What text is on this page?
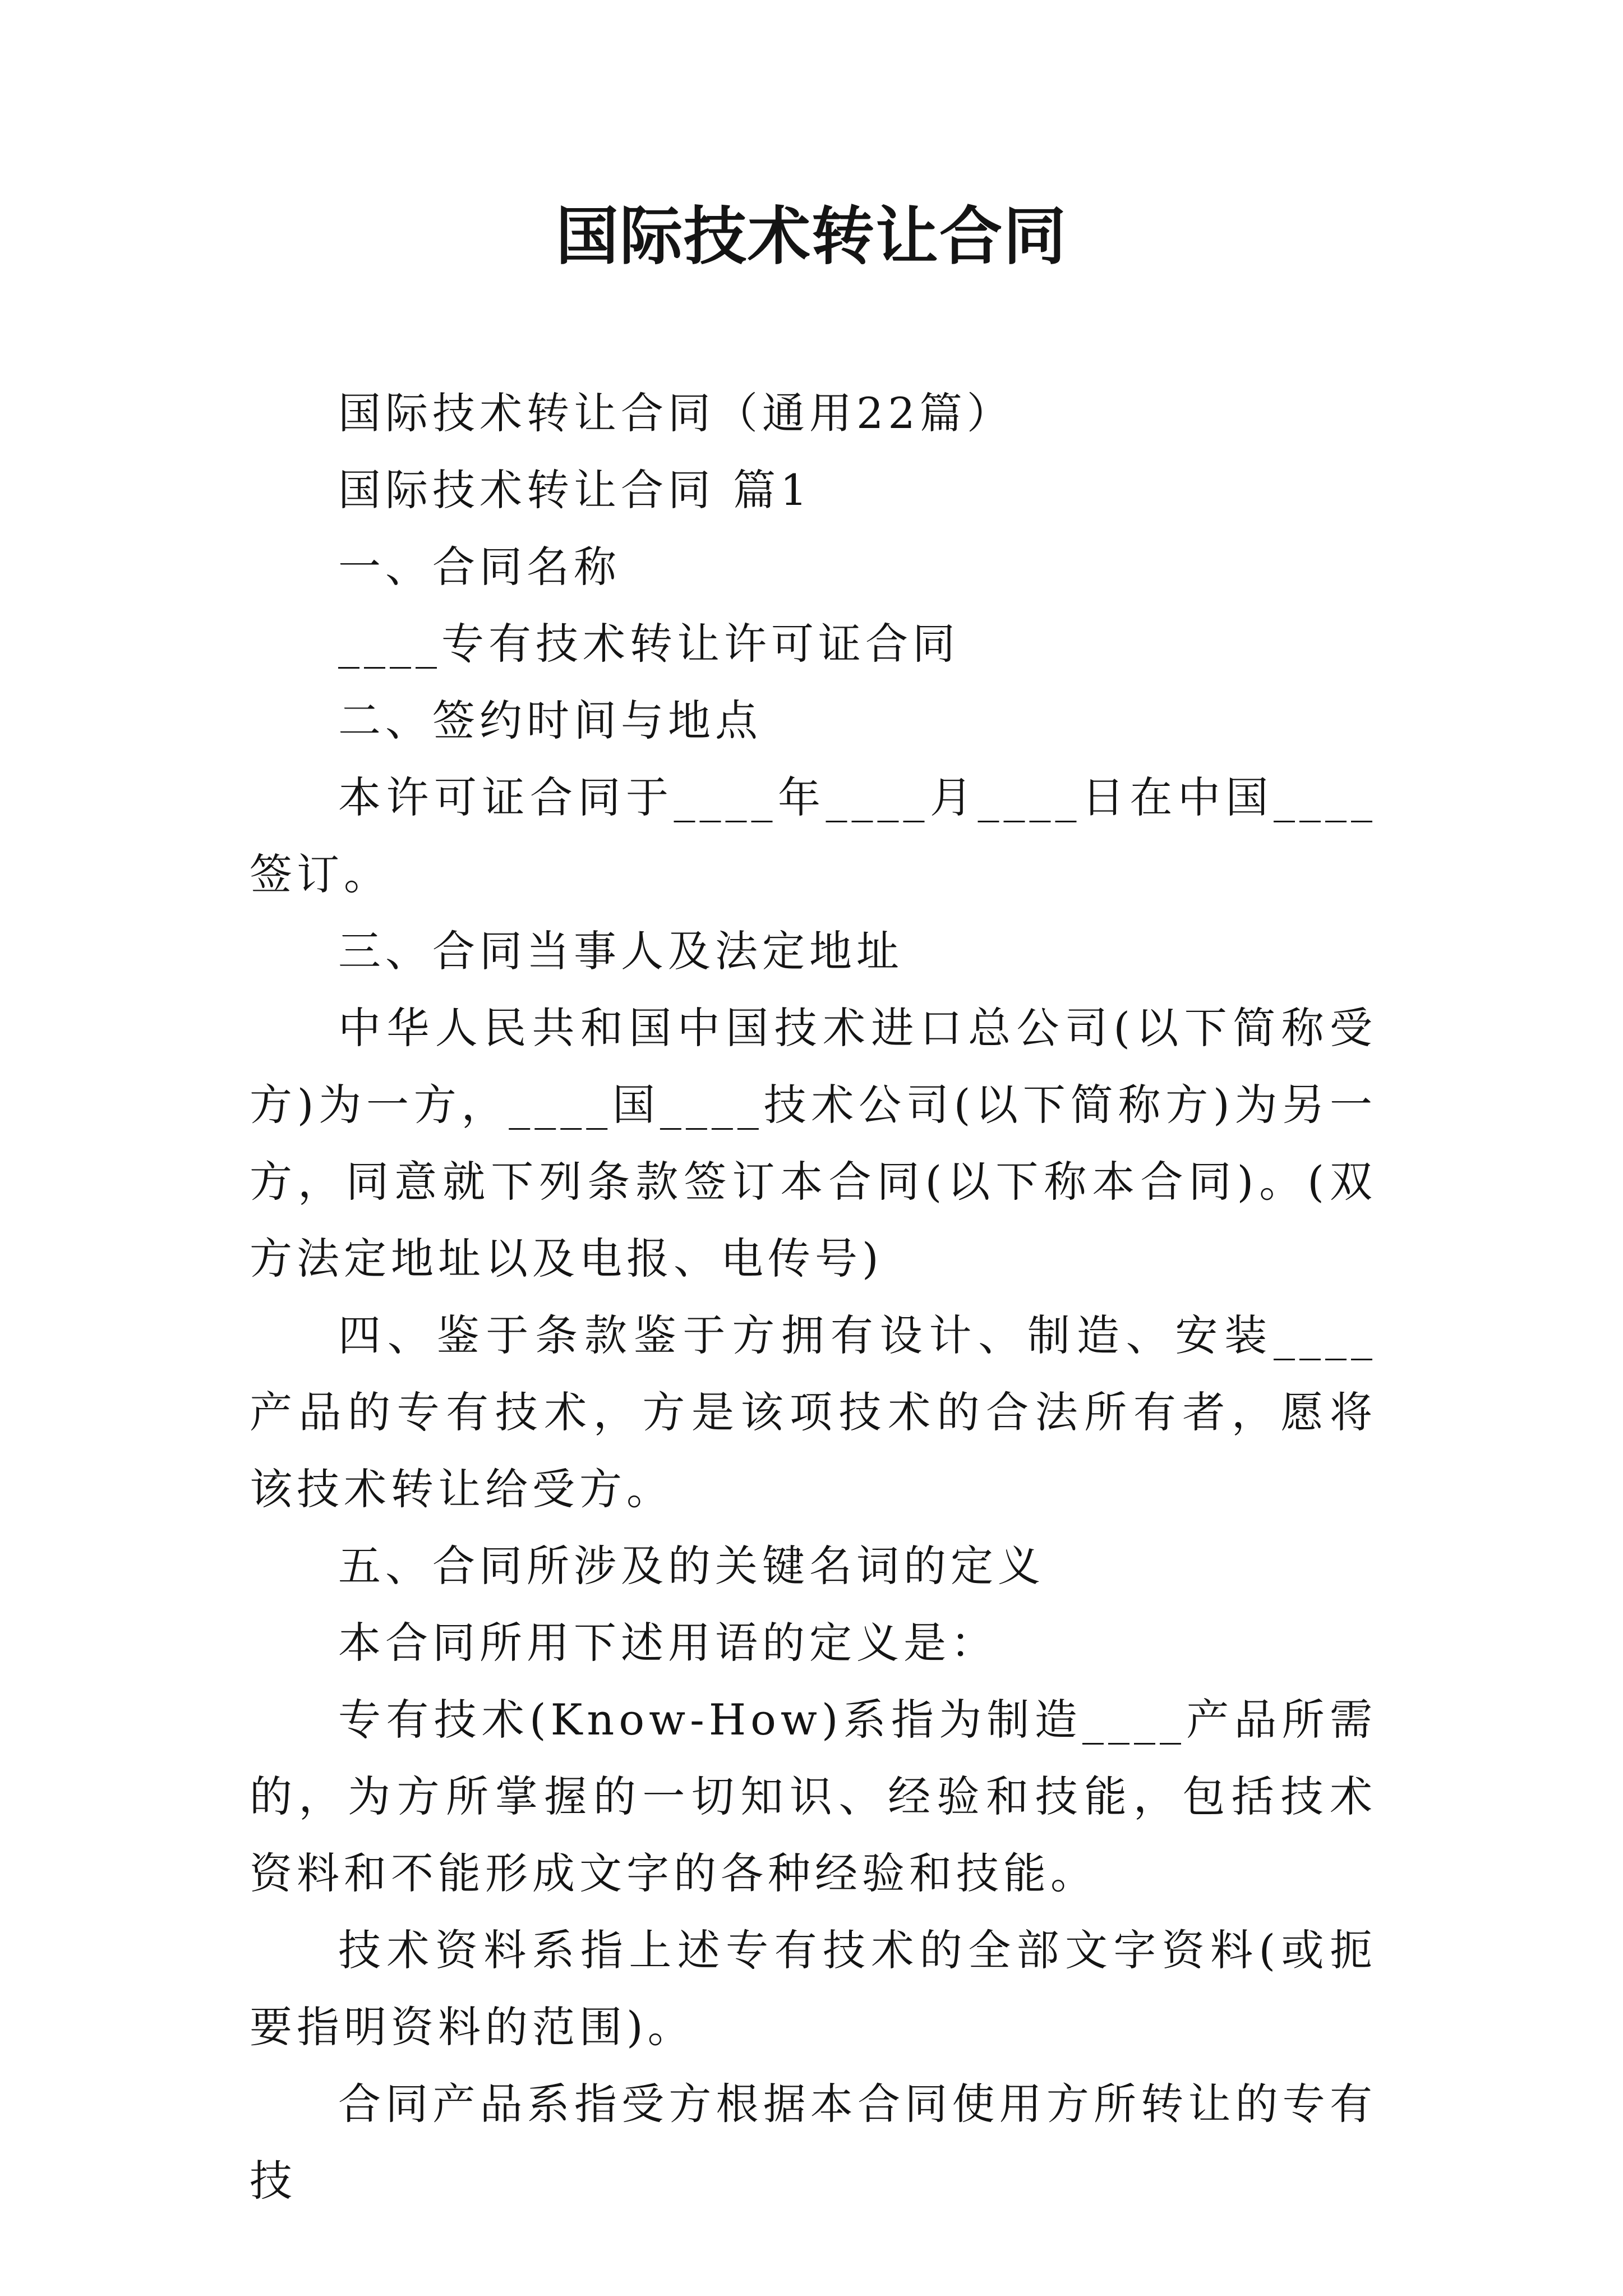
国际技术转让合同

国际技术转让合同（通用22篇）

国际技术转让合同 篇1

一、合同名称

____专有技术转让许可证合同

二、签约时间与地点

本许可证合同于____年____月____日在中国____签订。

三、合同当事人及法定地址

中华人民共和国中国技术进口总公司(以下简称受方)为一方，____国____技术公司(以下简称方)为另一方，同意就下列条款签订本合同(以下称本合同)。(双方法定地址以及电报、电传号)

四、鉴于条款鉴于方拥有设计、制造、安装____产品的专有技术，方是该项技术的合法所有者，愿将该技术转让给受方。

五、合同所涉及的关键名词的定义

本合同所用下述用语的定义是：

专有技术(Know-How)系指为制造____产品所需的，为方所掌握的一切知识、经验和技能，包括技术资料和不能形成文字的各种经验和技能。

技术资料系指上述专有技术的全部文字资料(或扼要指明资料的范围)。

合同产品系指受方根据本合同使用方所转让的专有技
